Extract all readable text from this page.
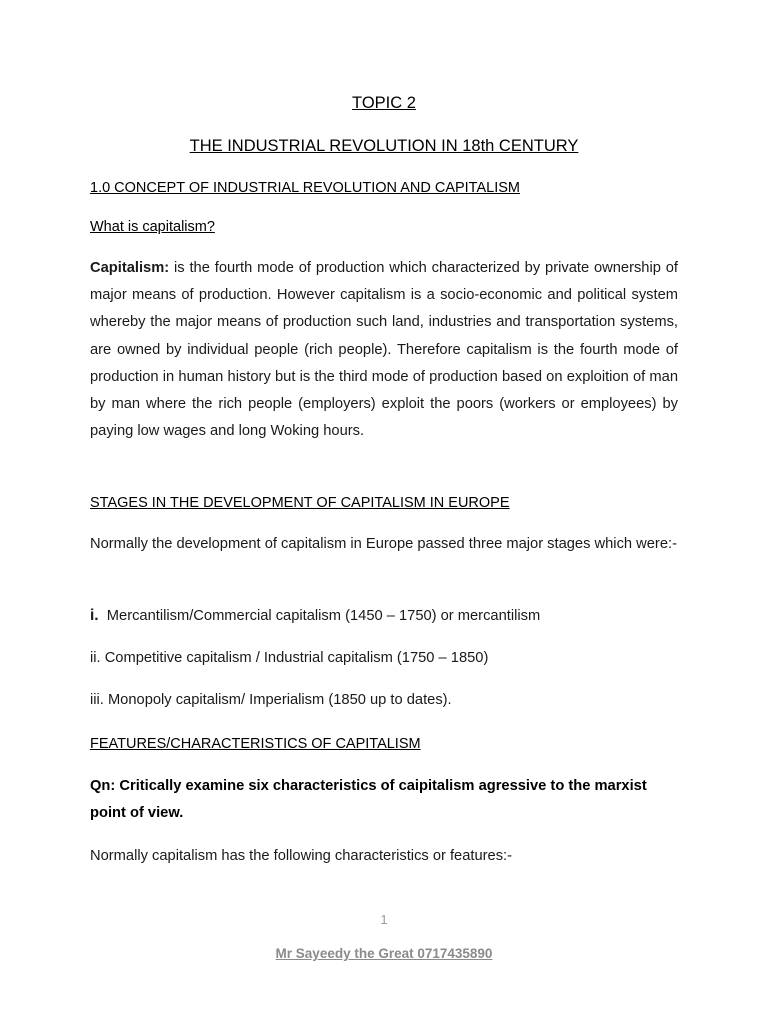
TOPIC 2
THE INDUSTRIAL REVOLUTION IN 18th CENTURY
1.0 CONCEPT OF INDUSTRIAL REVOLUTION AND CAPITALISM
What is capitalism?
Capitalism: is the fourth mode of production which characterized by private ownership of major means of production. However capitalism is a socio-economic and political system whereby the major means of production such land, industries and transportation systems, are owned by individual people (rich people). Therefore capitalism is the fourth mode of production in human history but is the third mode of production based on exploition of man by man where the rich people (employers) exploit the poors (workers or employees) by paying low wages and long Woking hours.
STAGES IN THE DEVELOPMENT OF CAPITALISM IN EUROPE
Normally the development of capitalism in Europe passed three major stages which were:-
i.  Mercantilism/Commercial capitalism (1450 – 1750) or mercantilism
ii. Competitive capitalism / Industrial capitalism (1750 – 1850)
iii. Monopoly capitalism/ Imperialism (1850 up to dates).
FEATURES/CHARACTERISTICS OF CAPITALISM
Qn: Critically examine six characteristics of caipitalism agressive to the marxist point of view.
Normally capitalism has the following characteristics or features:-
1
Mr Sayeedy the Great 0717435890
